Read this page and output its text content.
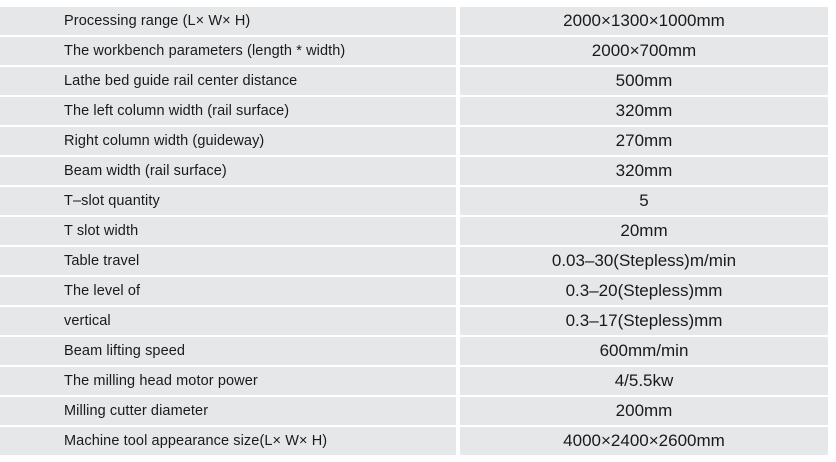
Processing range (L× W× H)	2000×1300×1000mm
The workbench parameters (length * width)	2000×700mm
Lathe bed guide rail center distance	500mm
The left column width (rail surface)	320mm
Right column width (guideway)	270mm
Beam width (rail surface)	320mm
T–slot quantity	5
T slot width	20mm
Table travel	0.03–30(Stepless)m/min
The level of	0.3–20(Stepless)mm
vertical	0.3–17(Stepless)mm
Beam lifting speed	600mm/min
The milling head motor power	4/5.5kw
Milling cutter diameter	200mm
Machine tool appearance size(L× W× H)	4000×2400×2600mm
